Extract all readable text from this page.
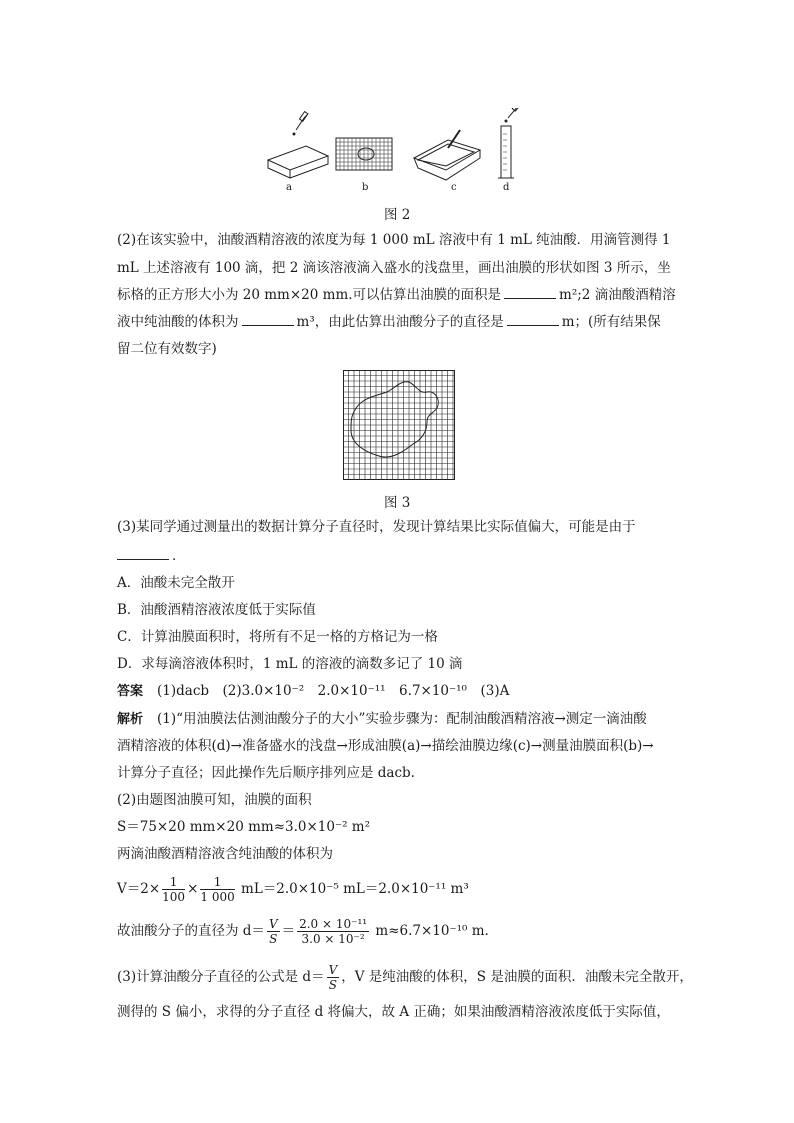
a	b	c	d
图 2
(2)在该实验中，油酸酒精溶液的浓度为每 1 000 mL 溶液中有 1 mL 纯油酸．用滴管测得 1
mL 上述溶液有 100 滴，把 2 滴该溶液滴入盛水的浅盘里，画出油膜的形状如图 3 所示，坐
标格的正方形大小为 20 mm×20 mm.可以估算出油膜的面积是	m²;2 滴油酸酒精溶
液中纯油酸的体积为	m³，由此估算出油酸分子的直径是	m；(所有结果保
留二位有效数字)
图 3
(3)某同学通过测量出的数据计算分子直径时，发现计算结果比实际值偏大，可能是由于
．
A．油酸未完全散开
B．油酸酒精溶液浓度低于实际值
C．计算油膜面积时，将所有不足一格的方格记为一格
D．求每滴溶液体积时，1 mL 的溶液的滴数多记了 10 滴
答案 (1)dacb　(2)3.0×10⁻²　2.0×10⁻¹¹　6.7×10⁻¹⁰　(3)A
解析 (1)“用油膜法估测油酸分子的大小”实验步骤为：配制油酸酒精溶液→测定一滴油酸
酒精溶液的体积(d)→准备盛水的浅盘→形成油膜(a)→描绘油膜边缘(c)→测量油膜面积(b)→
计算分子直径；因此操作先后顺序排列应是 dacb.
(2)由题图油膜可知，油膜的面积
S＝75×20 mm×20 mm≈3.0×10⁻² m²
两滴油酸酒精溶液含纯油酸的体积为
$V=2\times \frac{1}{100} \times \frac{1}{1 000} mL=2.0\times 10^{-5}$ mL＝2.0×10⁻¹¹ m³
故油酸分子的直径为 $d= \frac{V}{S} = \frac{\text{2.0 × 10⁻¹¹}}{\text{3.0 × 10⁻²}} m\approx 6.7\times 10^{-10}$ m.
(3)计算油酸分子直径的公式是 $d= \frac{V}{S}$ ，V 是纯油酸的体积，S 是油膜的面积．油酸未完全散开，
测得的 S 偏小，求得的分子直径 d 将偏大，故 A 正确；如果油酸酒精溶液浓度低于实际值，
